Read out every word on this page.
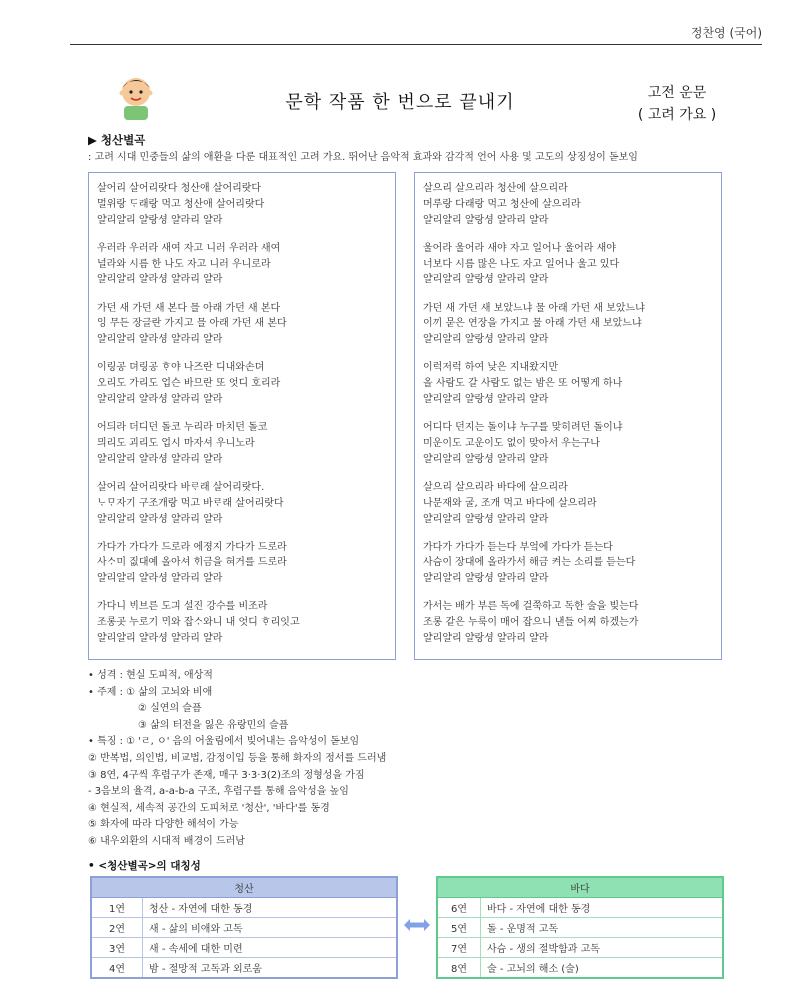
정찬영 (국어)
문학 작품 한 번으로 끝내기	고전 운문
( 고려 가요 )
▶ 청산별곡
: 고려 시대 민중들의 삶의 애환을 다룬 대표적인 고려 가요. 뛰어난 음악적 효과와 감각적 언어 사용 및 고도의 상징성이 돋보임
살어리 살어리랏다 청산애 살어리랏다
멀위랑 ᄃᆞ래랑 먹고 청산애 살어리랏다
얄리얄리 얄랑셩 얄라리 얄라
우러라 우러라 새여 자고 니러 우러라 새여
널라와 시름 한 나도 자고 니러 우니로라
얄리얄리 얄라셩 얄라리 얄라
가던 새 가던 새 본다 믈 아래 가던 새 본다
잉 무든 장글란 가지고 믈 아래 가던 새 본다
얄리얄리 얄라셩 얄라리 얄라
이링공 뎌링공 ᄒᆞ야 나즈란 디내와손뎌
오리도 가리도 업슨 바므란 또 엇디 호리라
얄리얄리 얄라셩 얄라리 얄라
어듸라 더디던 돌코 누리라 마치던 돌코
믜리도 괴리도 업시 마자셔 우니노라
얄리얄리 얄라셩 얄라리 얄라
살어리 살어리랏다 바ᄅᆞ래 살어리랏다.
ᄂᆞᄆᆞ자기 구조개랑 먹고 바ᄅᆞ래 살어리랏다
얄리얄리 얄라셩 얄라리 얄라
가다가 가다가 드로라 에졍지 가다가 드로라
사ᄉᆞ미 짒대예 올아셔 ᄒᆡ금을 혀거를 드로라
얄리얄리 얄라셩 얄라리 얄라
가다니 ᄇᆡ브른 도긔 설진 강수를 비조라
조롱곳 누로기 ᄆᆡ와 잡ᄉᆞ와니 내 엇디 ᄒᆞ리잇고
얄리얄리 얄라셩 얄라리 얄라
살으리 살으리라 청산에 살으리라
머루랑 다래랑 먹고 청산에 살으리라
얄리얄리 얄랑셩 얄라리 얄라
울어라 울어라 새야 자고 일어나 울어라 새야
너보다 시름 많은 나도 자고 일어나 울고 있다
얄리얄리 얄랑셩 얄라리 얄라
가던 새 가던 새 보았느냐 물 아래 가던 새 보았느냐
이끼 묻은 연장을 가지고 물 아래 가던 새 보았느냐
얄리얄리 얄랑셩 얄라리 얄라
이럭저럭 하여 낮은 지내왔지만
올 사람도 갈 사람도 없는 밤은 또 어떻게 하나
얄리얄리 얄랑셩 얄라리 얄라
어디다 던지는 돌이냐 누구를 맞히려던 돌이냐
미운이도 고운이도 없이 맞아서 우는구나
얄리얄리 얄랑셩 얄라리 얄라
살으리 살으리라 바다에 살으리라
나문재와 굴, 조개 먹고 바다에 살으리라
얄리얄리 얄랑셩 얄라리 얄라
가다가 가다가 듣는다 부엌에 가다가 듣는다
사슴이 장대에 올라가서 해금 켜는 소리를 듣는다
얄리얄리 얄랑셩 얄라리 얄라
가서는 배가 부른 독에 걸쭉하고 독한 술을 빚는다
조롱 같은 누룩이 매어 잡으니 낸들 어찌 하겠는가
얄리얄리 얄랑셩 얄라리 얄라
• 성격 : 현실 도피적, 애상적
• 주제 : ① 삶의 고뇌와 비애
② 실연의 슬픔
③ 삶의 터전을 잃은 유랑민의 슬픔
• 특징 : ① 'ㄹ, ㅇ' 음의 어울림에서 빚어내는 음악성이 돋보임
② 반복법, 의인법, 비교법, 감정이입 등을 통해 화자의 정서를 드러냄
③ 8연, 4구씩 후렴구가 존재, 매구 3·3·3(2)조의 정형성을 가짐
- 3음보의 율격, a-a-b-a 구조, 후렴구를 통해 음악성을 높임
④ 현실적, 세속적 공간의 도피처로 '청산', '바다'를 동경
⑤ 화자에 따라 다양한 해석이 가능
⑥ 내우외환의 시대적 배경이 드러남
• <청산별곡>의 대칭성
청산	
1연	청산 - 자연에 대한 동경
2연	새 - 삶의 비애와 고독
3연	새 - 속세에 대한 미련
4연	밤 - 절망적 고독과 외로움
바다	
6연	바다 - 자연에 대한 동경
5연	돌 - 운명적 고독
7연	사슴 - 생의 절박함과 고독
8연	술 - 고뇌의 해소 (술)
